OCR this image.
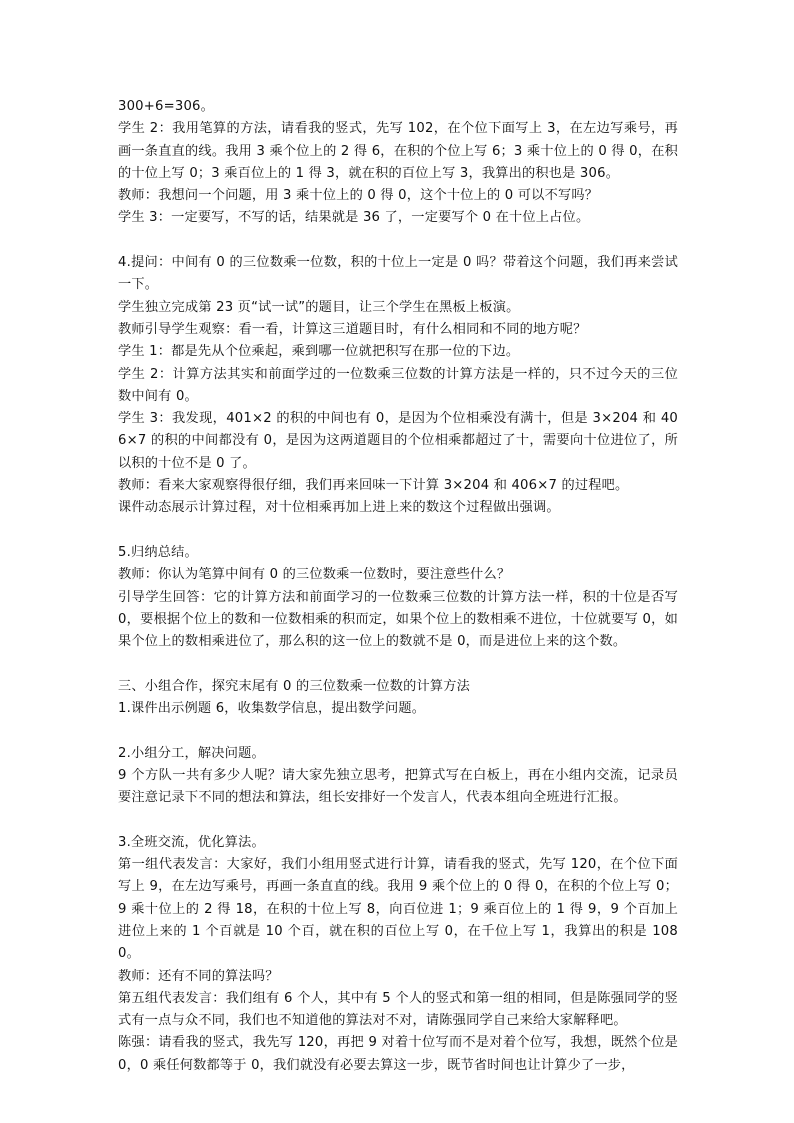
300+6=306。

学生 2：我用笔算的方法，请看我的竖式，先写 102，在个位下面写上 3，在左边写乘号，再画一条直直的线。我用 3 乘个位上的 2 得 6，在积的个位上写 6；3 乘十位上的 0 得 0，在积的十位上写 0；3 乘百位上的 1 得 3，就在积的百位上写 3，我算出的积也是 306。

教师：我想问一个问题，用 3 乘十位上的 0 得 0，这个十位上的 0 可以不写吗？

学生 3：一定要写，不写的话，结果就是 36 了，一定要写个 0 在十位上占位。

4.提问：中间有 0 的三位数乘一位数，积的十位上一定是 0 吗？带着这个问题，我们再来尝试一下。

学生独立完成第 23 页“试一试”的题目，让三个学生在黑板上板演。

教师引导学生观察：看一看，计算这三道题目时，有什么相同和不同的地方呢？

学生 1：都是先从个位乘起，乘到哪一位就把积写在那一位的下边。

学生 2：计算方法其实和前面学过的一位数乘三位数的计算方法是一样的，只不过今天的三位数中间有 0。

学生 3：我发现，401×2 的积的中间也有 0，是因为个位相乘没有满十，但是 3×204 和 406×7 的积的中间都没有 0，是因为这两道题目的个位相乘都超过了十，需要向十位进位了，所以积的十位不是 0 了。

教师：看来大家观察得很仔细，我们再来回味一下计算 3×204 和 406×7 的过程吧。

课件动态展示计算过程，对十位相乘再加上进上来的数这个过程做出强调。

5.归纳总结。

教师：你认为笔算中间有 0 的三位数乘一位数时，要注意些什么？

引导学生回答：它的计算方法和前面学习的一位数乘三位数的计算方法一样，积的十位是否写 0，要根据个位上的数和一位数相乘的积而定，如果个位上的数相乘不进位，十位就要写 0，如果个位上的数相乘进位了，那么积的这一位上的数就不是 0，而是进位上来的这个数。

三、小组合作，探究末尾有 0 的三位数乘一位数的计算方法

1.课件出示例题 6，收集数学信息，提出数学问题。

2.小组分工，解决问题。

9 个方队一共有多少人呢？请大家先独立思考，把算式写在白板上，再在小组内交流，记录员要注意记录下不同的想法和算法，组长安排好一个发言人，代表本组向全班进行汇报。

3.全班交流，优化算法。

第一组代表发言：大家好，我们小组用竖式进行计算，请看我的竖式，先写 120，在个位下面写上 9，在左边写乘号，再画一条直直的线。我用 9 乘个位上的 0 得 0，在积的个位上写 0；9 乘十位上的 2 得 18，在积的十位上写 8，向百位进 1；9 乘百位上的 1 得 9，9 个百加上进位上来的 1 个百就是 10 个百，就在积的百位上写 0，在千位上写 1，我算出的积是 1080。

教师：还有不同的算法吗？

第五组代表发言：我们组有 6 个人，其中有 5 个人的竖式和第一组的相同，但是陈强同学的竖式有一点与众不同，我们也不知道他的算法对不对，请陈强同学自己来给大家解释吧。

陈强：请看我的竖式，我先写 120，再把 9 对着十位写而不是对着个位写，我想，既然个位是 0，0 乘任何数都等于 0，我们就没有必要去算这一步，既节省时间也让计算少了一步，
